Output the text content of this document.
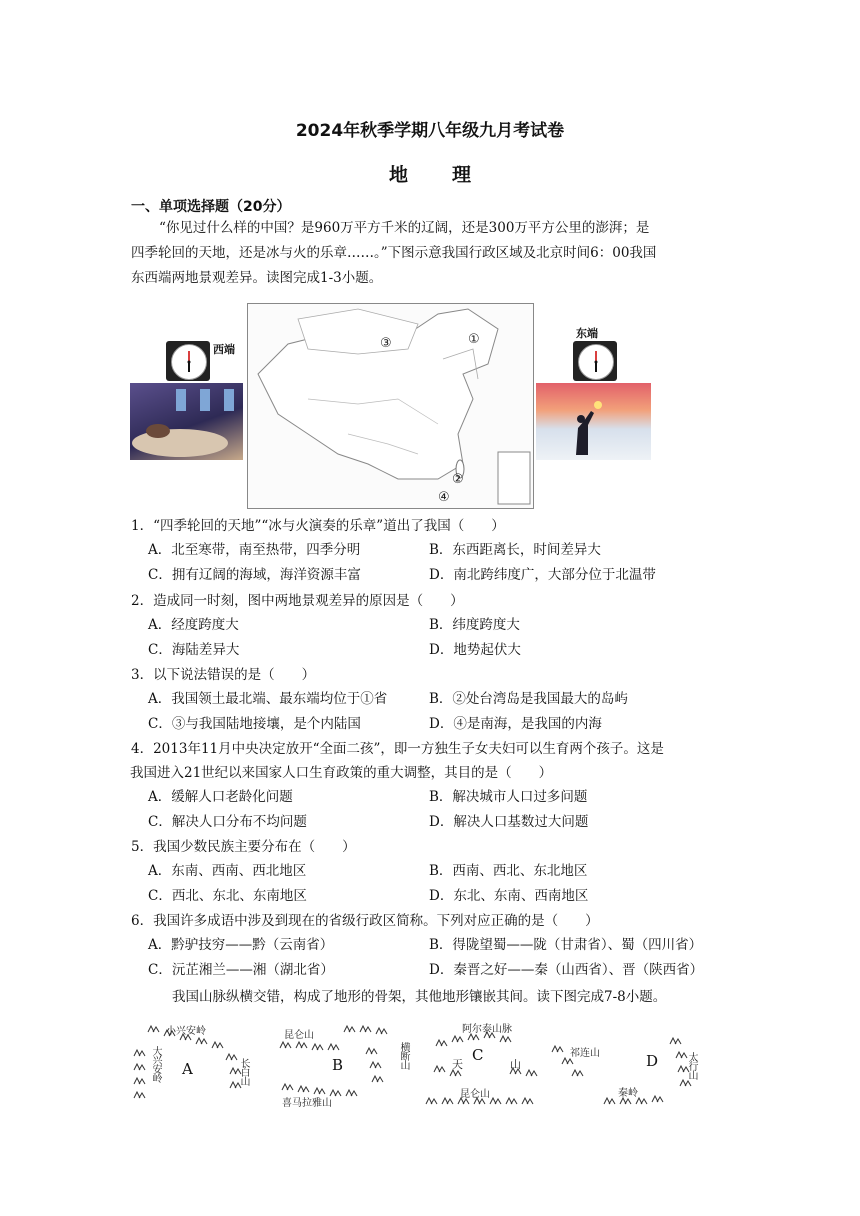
2024年秋季学期八年级九月考试卷
地理
一、单项选择题（20分）

“你见过什么样的中国？是960万平方千米的辽阔，还是300万平方公里的澎湃；是

四季轮回的天地，还是冰与火的乐章……。”下图示意我国行政区域及北京时间6：00我国

东西端两地景观差异。读图完成1-3小题。

西端	③	①
②
④
东端
1．“四季轮回的天地”“冰与火演奏的乐章”道出了我国（　　）
A．北至寒带，南至热带，四季分明	B．东西距离长，时间差异大
C．拥有辽阔的海域，海洋资源丰富	D．南北跨纬度广，大部分位于北温带
2．造成同一时刻，图中两地景观差异的原因是（　　）
A．经度跨度大	B．纬度跨度大
C．海陆差异大	D．地势起伏大
3．以下说法错误的是（　　）
A．我国领土最北端、最东端均位于①省	B．②处台湾岛是我国最大的岛屿
C．③与我国陆地接壤，是个内陆国	D．④是南海，是我国的内海
4．2013年11月中央决定放开“全面二孩”，即一方独生子女夫妇可以生育两个孩子。这是
我国进入21世纪以来国家人口生育政策的重大调整，其目的是（　　）
A．缓解人口老龄化问题	B．解决城市人口过多问题
C．解决人口分布不均问题	D．解决人口基数过大问题
5．我国少数民族主要分布在（　　）
A．东南、西南、西北地区	B．西南、西北、东北地区
C．西北、东北、东南地区	D．东北、东南、西南地区
6．我国许多成语中涉及到现在的省级行政区简称。下列对应正确的是（　　）
A．黔驴技穷——黔（云南省）	B．得陇望蜀——陇（甘肃省）、蜀（四川省）
C．沅芷湘兰——湘（湖北省）	D．秦晋之好——秦（山西省）、晋（陕西省）
我国山脉纵横交错，构成了地形的骨架，其他地形镶嵌其间。读下图完成7-8小题。
小兴安岭
大兴安岭	长白山
A
昆仑山
横断山
喜马拉雅山
B
阿尔泰山脉
天	山
昆仑山
C	祁连山	太行山
秦岭
D
